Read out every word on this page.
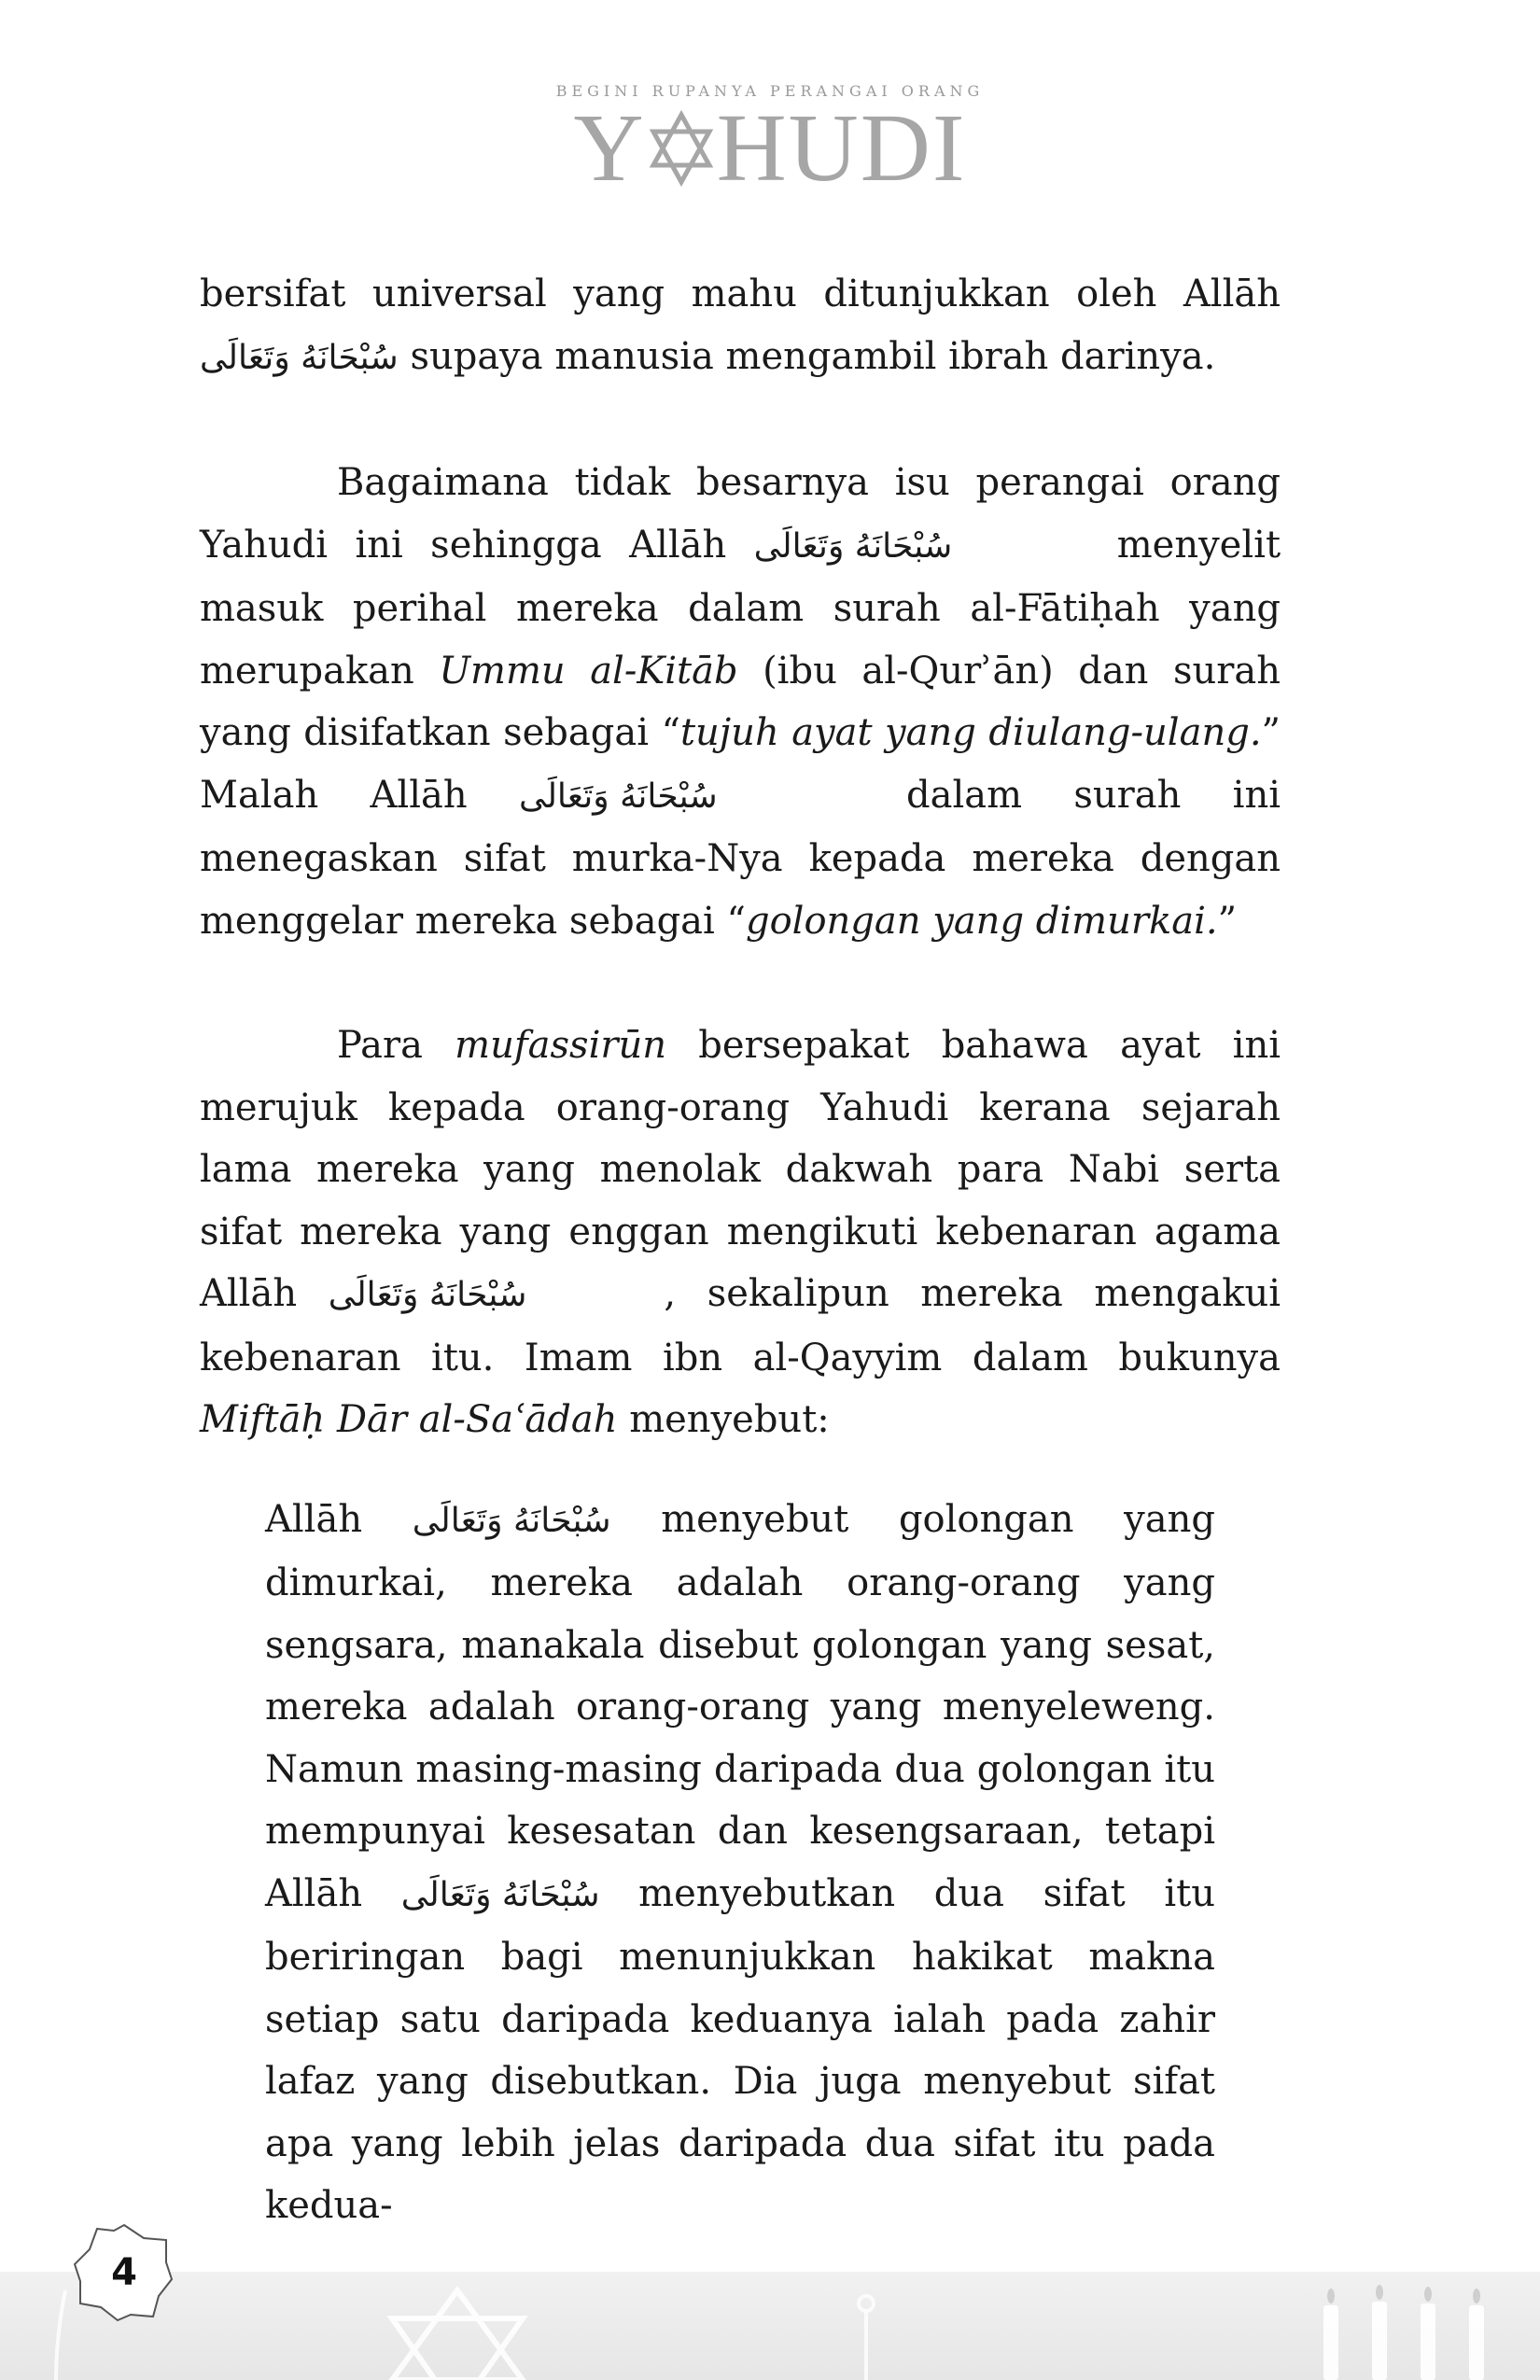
BEGINI RUPANYA PERANGAI ORANG
Y HUDI

bersifat universal yang mahu ditunjukkan oleh Allāh سُبْحَانَهُ وَتَعَالَى supaya manusia mengambil ibrah darinya.

Bagaimana tidak besarnya isu perangai orang Yahudi ini sehingga Allāh سُبْحَانَهُ وَتَعَالَى	menyelit masuk perihal mereka dalam surah al-Fātiḥah yang merupakan Ummu al-Kitāb (ibu al-Qurʾān) dan surah yang disifatkan sebagai “tujuh ayat yang diulang-ulang.” Malah Allāh سُبْحَانَهُ وَتَعَالَى	dalam surah ini menegaskan sifat murka-Nya kepada mereka dengan menggelar mereka sebagai “golongan yang dimurkai.”

Para mufassirūn bersepakat bahawa ayat ini merujuk kepada orang-orang Yahudi kerana sejarah lama mereka yang menolak dakwah para Nabi serta sifat mereka yang enggan mengikuti kebenaran agama Allāh سُبْحَانَهُ وَتَعَالَى	, sekalipun mereka mengakui kebenaran itu. Imam ibn al-Qayyim dalam bukunya Miftāḥ Dār al-Saʿādah menyebut:

Allāh سُبْحَانَهُ وَتَعَالَى menyebut golongan yang dimurkai, mereka adalah orang-orang yang sengsara, manakala disebut golongan yang sesat, mereka adalah orang-orang yang menyeleweng. Namun masing-masing daripada dua golongan itu mempunyai kesesatan dan kesengsaraan, tetapi Allāh سُبْحَانَهُ وَتَعَالَى menyebutkan dua sifat itu beriringan bagi menunjukkan hakikat makna setiap satu daripada keduanya ialah pada zahir lafaz yang disebutkan. Dia juga menyebut sifat apa yang lebih jelas daripada dua sifat itu pada kedua-

4
